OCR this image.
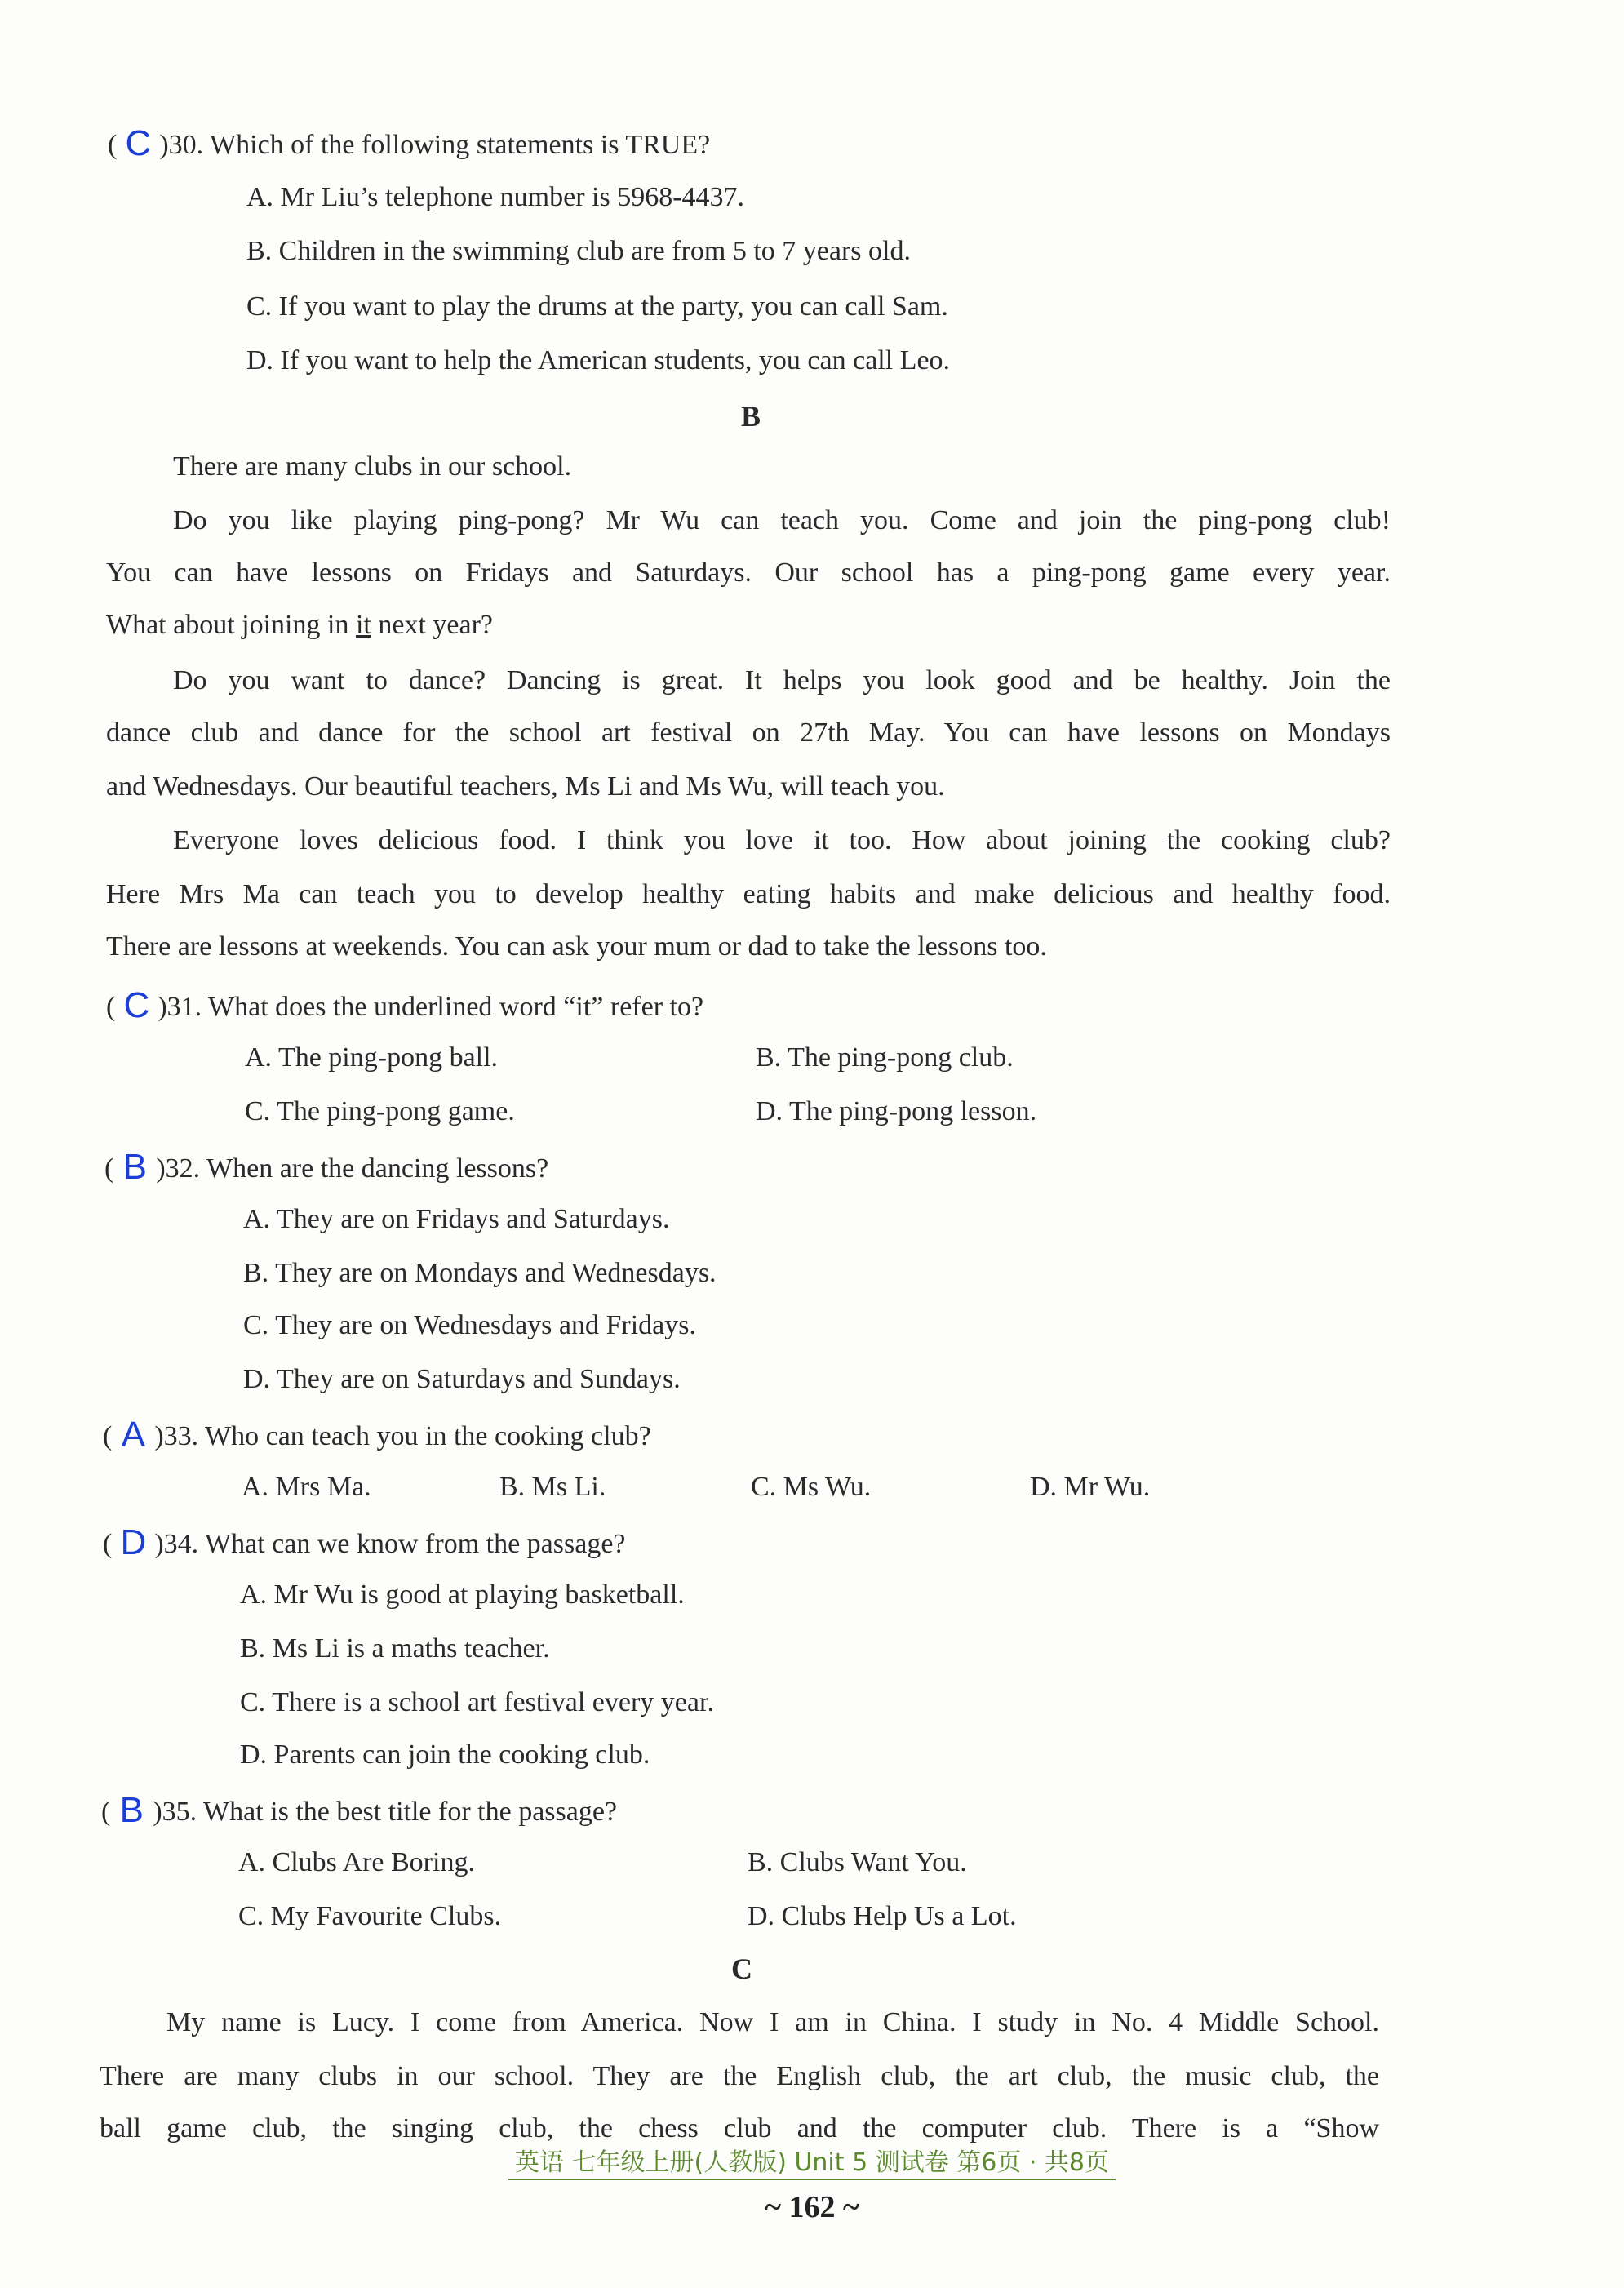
( C )30. Which of the following statements is TRUE?
A. Mr Liu’s telephone number is 5968-4437.
B. Children in the swimming club are from 5 to 7 years old.
C. If you want to play the drums at the party, you can call Sam.
D. If you want to help the American students, you can call Leo.
B
There are many clubs in our school.
Do you like playing ping-pong? Mr Wu can teach you. Come and join the ping-pong club!
You can have lessons on Fridays and Saturdays. Our school has a ping-pong game every year.
What about joining in it next year?
Do you want to dance? Dancing is great. It helps you look good and be healthy. Join the
dance club and dance for the school art festival on 27th May. You can have lessons on Mondays
and Wednesdays. Our beautiful teachers, Ms Li and Ms Wu, will teach you.
Everyone loves delicious food. I think you love it too. How about joining the cooking club?
Here Mrs Ma can teach you to develop healthy eating habits and make delicious and healthy food.
There are lessons at weekends. You can ask your mum or dad to take the lessons too.
( C )31. What does the underlined word “it” refer to?
A. The ping-pong ball.	B. The ping-pong club.
C. The ping-pong game.	D. The ping-pong lesson.
( B )32. When are the dancing lessons?
A. They are on Fridays and Saturdays.
B. They are on Mondays and Wednesdays.
C. They are on Wednesdays and Fridays.
D. They are on Saturdays and Sundays.
( A )33. Who can teach you in the cooking club?
A. Mrs Ma.	B. Ms Li.	C. Ms Wu.	D. Mr Wu.
( D )34. What can we know from the passage?
A. Mr Wu is good at playing basketball.
B. Ms Li is a maths teacher.
C. There is a school art festival every year.
D. Parents can join the cooking club.
( B )35. What is the best title for the passage?
A. Clubs Are Boring.	B. Clubs Want You.
C. My Favourite Clubs.	D. Clubs Help Us a Lot.
C
My name is Lucy. I come from America. Now I am in China. I study in No. 4 Middle School.
There are many clubs in our school. They are the English club, the art club, the music club, the
ball game club, the singing club, the chess club and the computer club. There is a “Show
英语 七年级上册(人教版) Unit 5 测试卷 第6页 · 共8页
~ 162 ~
